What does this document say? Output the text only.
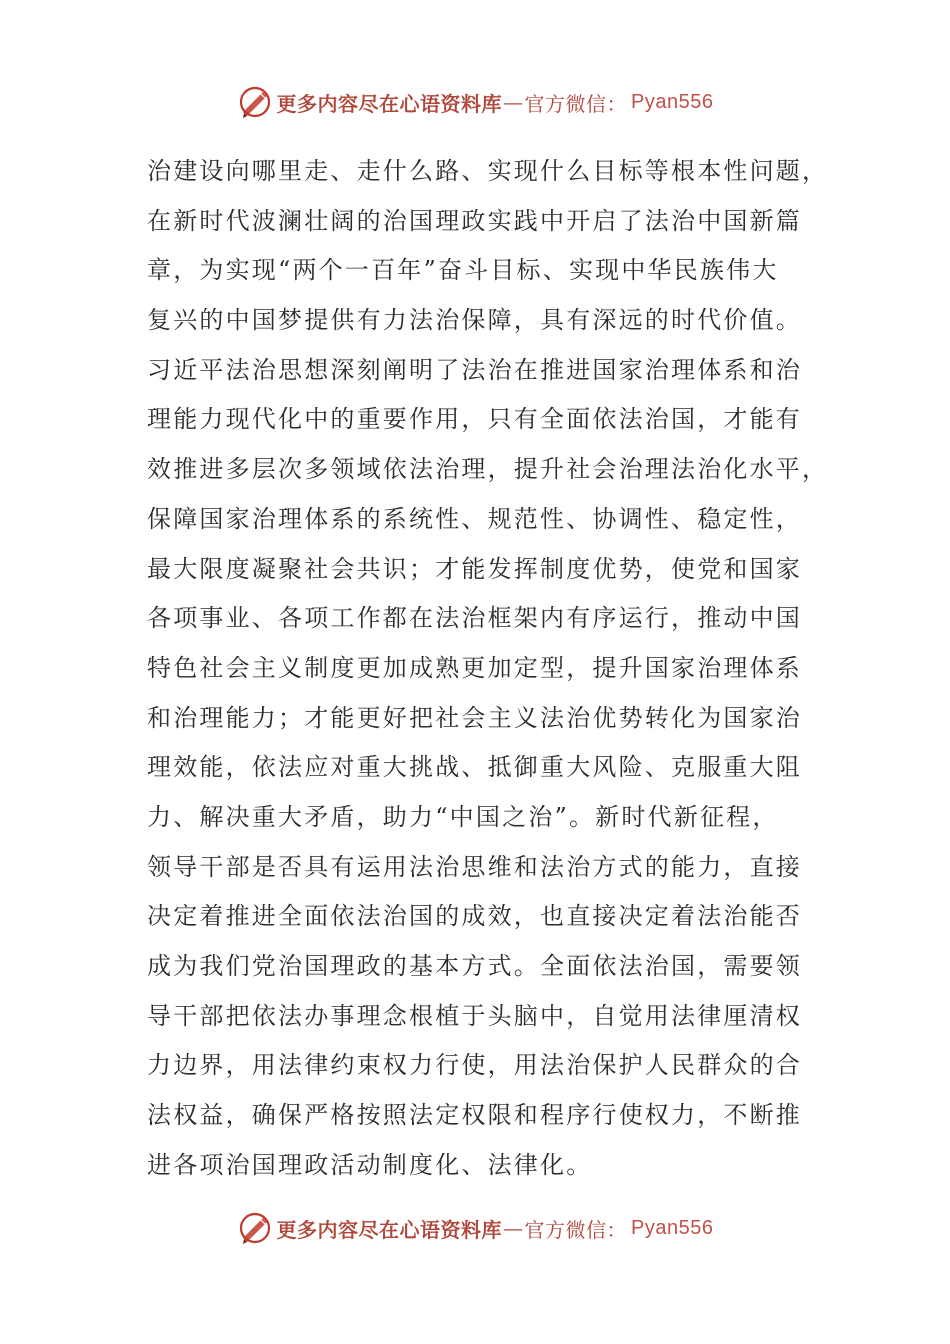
更多内容尽在心语资料库 — 官方微信： Pyan556
治建设向哪里走、走什么路、实现什么目标等根本性问题，
在新时代波澜壮阔的治国理政实践中开启了法治中国新篇
章，为实现“两个一百年”奋斗目标、实现中华民族伟大
复兴的中国梦提供有力法治保障，具有深远的时代价值。
习近平法治思想深刻阐明了法治在推进国家治理体系和治
理能力现代化中的重要作用，只有全面依法治国，才能有
效推进多层次多领域依法治理，提升社会治理法治化水平，
保障国家治理体系的系统性、规范性、协调性、稳定性，
最大限度凝聚社会共识；才能发挥制度优势，使党和国家
各项事业、各项工作都在法治框架内有序运行，推动中国
特色社会主义制度更加成熟更加定型，提升国家治理体系
和治理能力；才能更好把社会主义法治优势转化为国家治
理效能，依法应对重大挑战、抵御重大风险、克服重大阻
力、解决重大矛盾，助力“中国之治”。新时代新征程，
领导干部是否具有运用法治思维和法治方式的能力，直接
决定着推进全面依法治国的成效，也直接决定着法治能否
成为我们党治国理政的基本方式。全面依法治国，需要领
导干部把依法办事理念根植于头脑中，自觉用法律厘清权
力边界，用法律约束权力行使，用法治保护人民群众的合
法权益，确保严格按照法定权限和程序行使权力，不断推
进各项治国理政活动制度化、法律化。
更多内容尽在心语资料库 — 官方微信： Pyan556
